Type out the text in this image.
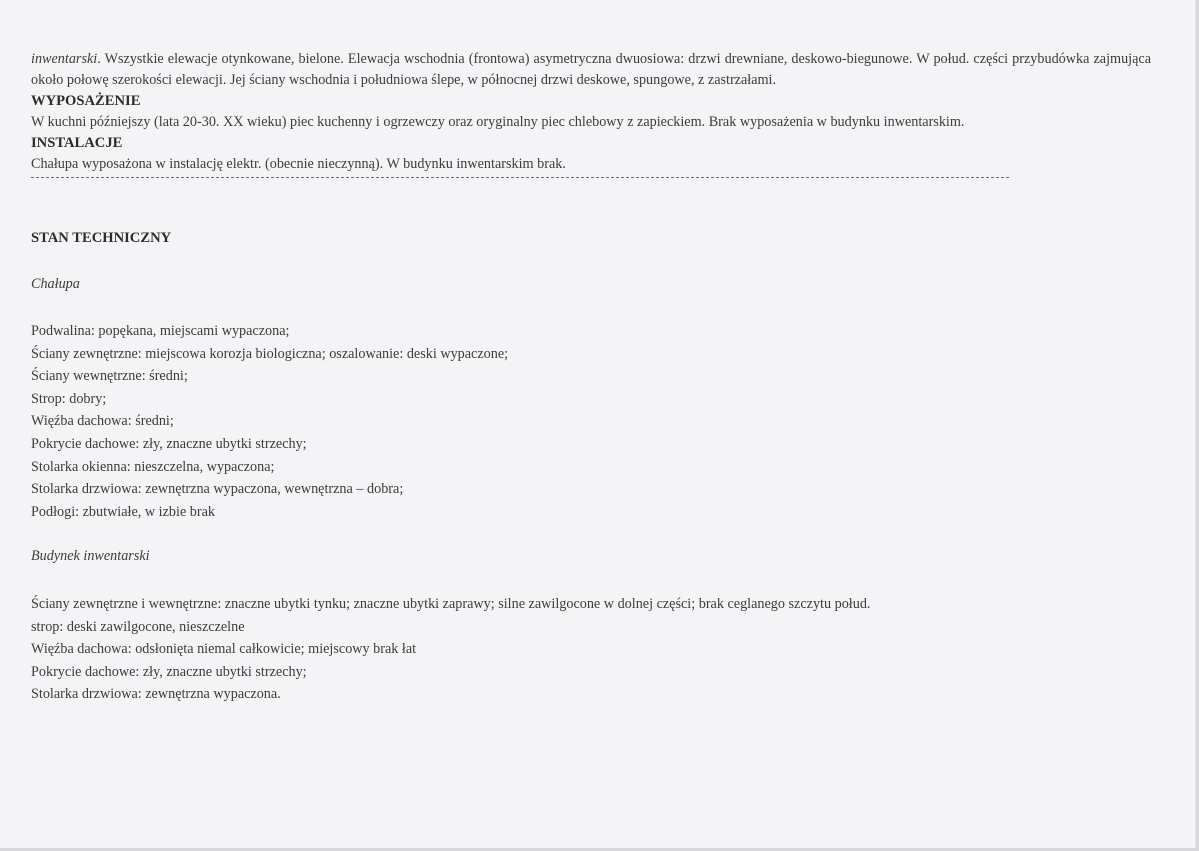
inwentarski. Wszystkie elewacje otynkowane, bielone. Elewacja wschodnia (frontowa) asymetryczna dwuosiowa: drzwi drewniane, deskowo-biegunowe. W połud. części przybudówka zajmująca około połowę szerokości elewacji. Jej ściany wschodnia i południowa ślepe, w północnej drzwi deskowe, spungowe, z zastrzałami.

WYPOSAŻENIE

W kuchni późniejszy (lata 20-30. XX wieku) piec kuchenny i ogrzewczy oraz oryginalny piec chlebowy z zapieckiem. Brak wyposażenia w budynku inwentarskim.

INSTALACJE

Chałupa wyposażona w instalację elektr. (obecnie nieczynną). W budynku inwentarskim brak.

STAN TECHNICZNY

Chałupa

Podwalina: popękana, miejscami wypaczona;
Ściany zewnętrzne: miejscowa korozja biologiczna; oszalowanie: deski wypaczone;
Ściany wewnętrzne: średni;
Strop: dobry;
Więźba dachowa: średni;
Pokrycie dachowe: zły, znaczne ubytki strzechy;
Stolarka okienna: nieszczelna, wypaczona;
Stolarka drzwiowa: zewnętrzna wypaczona, wewnętrzna – dobra;
Podłogi: zbutwiałe, w izbie brak

Budynek inwentarski

Ściany zewnętrzne i wewnętrzne: znaczne ubytki tynku; znaczne ubytki zaprawy; silne zawilgocone w dolnej części; brak ceglanego szczytu połud.
strop: deski zawilgocone, nieszczelne
Więźba dachowa: odsłonięta niemal całkowicie; miejscowy brak łat
Pokrycie dachowe: zły, znaczne ubytki strzechy;
Stolarka drzwiowa: zewnętrzna wypaczona.
